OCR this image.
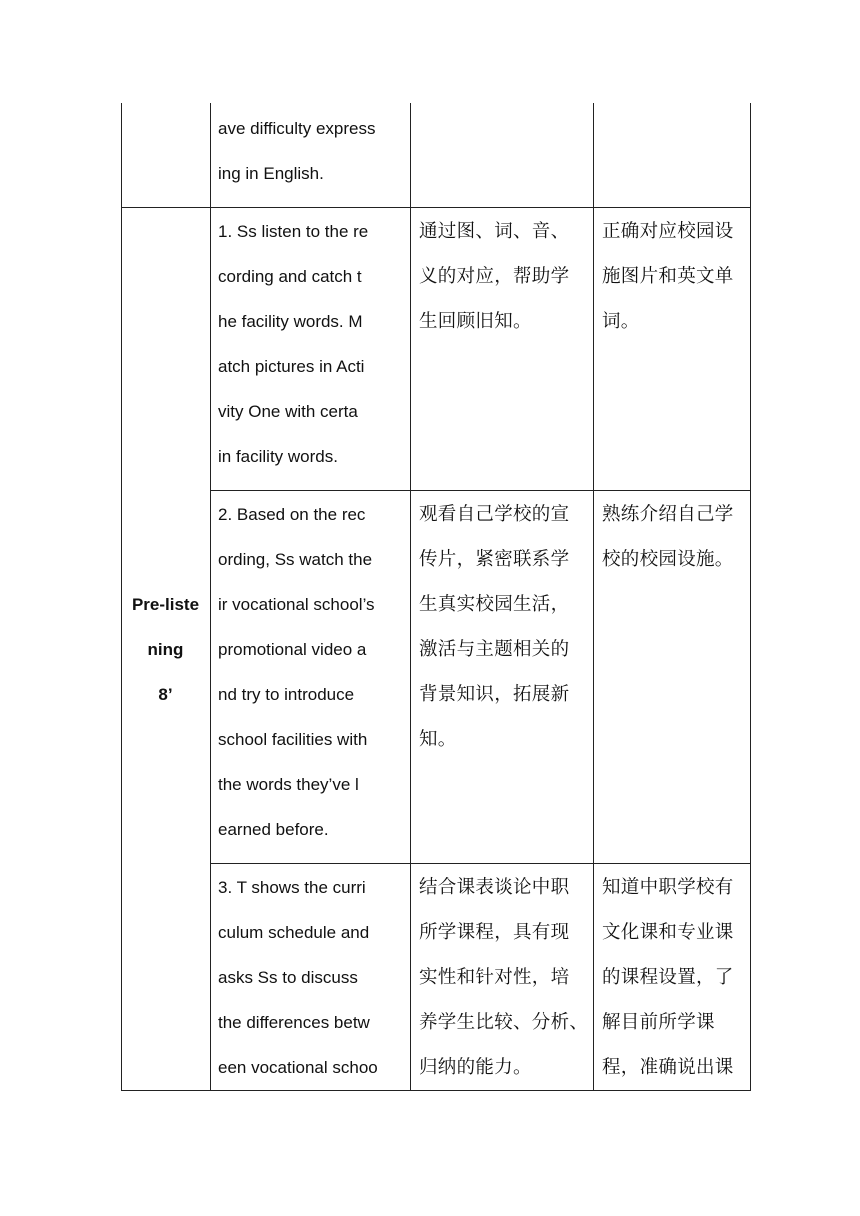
ave difficulty express
ing in English.
Pre-liste
ning
8’
1. Ss listen to the re
cording and catch t
he facility words. M
atch pictures in Acti
vity One with certa
in facility words.
通过图、词、音、
义的对应，帮助学
生回顾旧知。
正确对应校园设
施图片和英文单
词。
2. Based on the rec
ording, Ss watch the
ir vocational school’s
promotional video a
nd try to introduce
school facilities with
the words they’ve l
earned before.
观看自己学校的宣
传片，紧密联系学
生真实校园生活，
激活与主题相关的
背景知识，拓展新
知。
熟练介绍自己学
校的校园设施。
3. T shows the curri
culum schedule and
asks Ss to discuss
the differences betw
een vocational schoo
结合课表谈论中职
所学课程，具有现
实性和针对性，培
养学生比较、分析、
归纳的能力。
知道中职学校有
文化课和专业课
的课程设置，了
解目前所学课
程，准确说出课
